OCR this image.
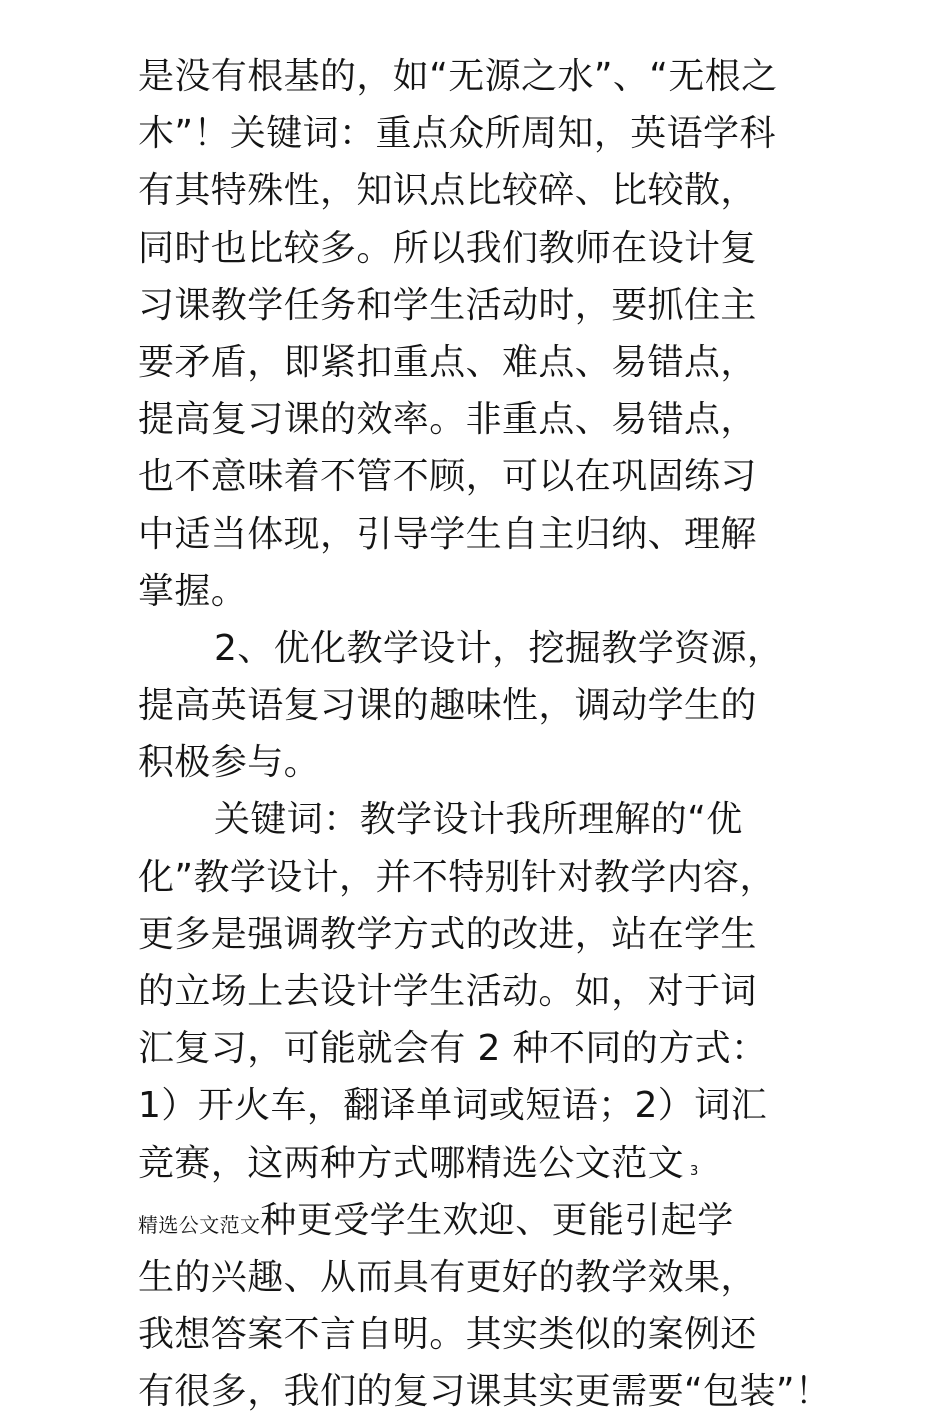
是没有根基的，如“无源之水”、“无根之
木”！关键词：重点众所周知，英语学科
有其特殊性，知识点比较碎、比较散，
同时也比较多。所以我们教师在设计复
习课教学任务和学生活动时，要抓住主
要矛盾，即紧扣重点、难点、易错点，
提高复习课的效率。非重点、易错点，
也不意味着不管不顾，可以在巩固练习
中适当体现，引导学生自主归纳、理解
掌握。
2、优化教学设计，挖掘教学资源，
提高英语复习课的趣味性，调动学生的
积极参与。
关键词：教学设计我所理解的“优
化”教学设计，并不特别针对教学内容，
更多是强调教学方式的改进，站在学生
的立场上去设计学生活动。如，对于词
汇复习，可能就会有 2 种不同的方式：
1）开火车，翻译单词或短语；2）词汇
竞赛，这两种方式哪精选公文范文 3
精选公文范文种更受学生欢迎、更能引起学
生的兴趣、从而具有更好的教学效果，
我想答案不言自明。其实类似的案例还
有很多，我们的复习课其实更需要“包装”！
